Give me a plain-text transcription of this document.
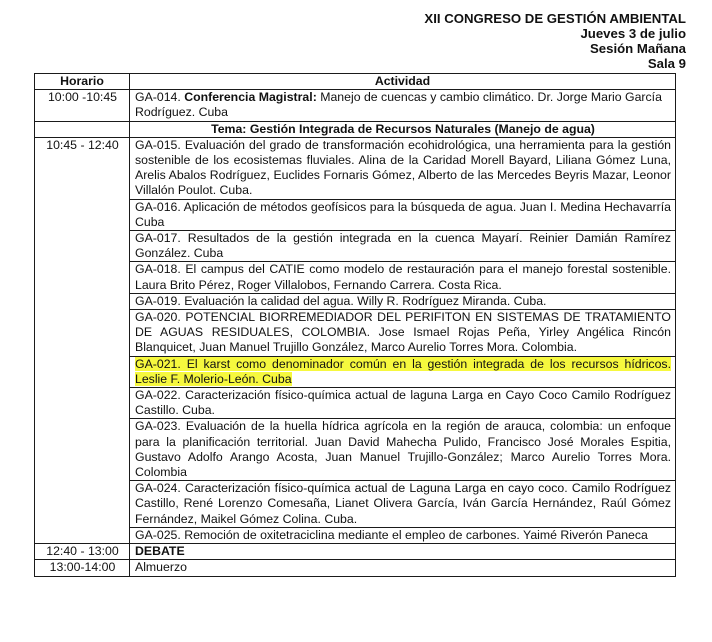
XII CONGRESO DE GESTIÓN AMBIENTAL
Jueves 3 de julio
Sesión Mañana
Sala 9
Horario	Actividad
10:00 -10:45	GA-014. Conferencia Magistral: Manejo de cuencas y cambio climático. Dr. Jorge Mario García Rodríguez. Cuba
	Tema: Gestión Integrada de Recursos Naturales (Manejo de agua)
10:45 - 12:40	GA-015. Evaluación del grado de transformación ecohidrológica, una herramienta para la gestión sostenible de los ecosistemas fluviales. Alina de la Caridad Morell Bayard, Liliana Gómez Luna, Arelis Abalos Rodríguez, Euclides Fornaris Gómez, Alberto de las Mercedes Beyris Mazar, Leonor Villalón Poulot. Cuba.
	GA-016. Aplicación de métodos geofísicos para la búsqueda de agua. Juan I. Medina Hechavarría Cuba
	GA-017. Resultados de la gestión integrada en la cuenca Mayarí. Reinier Damián Ramírez González. Cuba
	GA-018. El campus del CATIE como modelo de restauración para el manejo forestal sostenible. Laura Brito Pérez, Roger Villalobos, Fernando Carrera. Costa Rica.
	GA-019. Evaluación la calidad del agua. Willy R. Rodríguez Miranda. Cuba.
	GA-020. POTENCIAL BIORREMEDIADOR DEL PERIFITON EN SISTEMAS DE TRATAMIENTO DE AGUAS RESIDUALES, COLOMBIA. Jose Ismael Rojas Peña, Yirley Angélica Rincón Blanquicet, Juan Manuel Trujillo González, Marco Aurelio Torres Mora. Colombia.
	GA-021. El karst como denominador común en la gestión integrada de los recursos hídricos. Leslie F. Molerio-León. Cuba
	GA-022. Caracterización físico-química actual de laguna Larga en Cayo Coco Camilo Rodríguez Castillo. Cuba.
	GA-023. Evaluación de la huella hídrica agrícola en la región de arauca, colombia: un enfoque para la planificación territorial. Juan David Mahecha Pulido, Francisco José Morales Espitia, Gustavo Adolfo Arango Acosta, Juan Manuel Trujillo-González; Marco Aurelio Torres Mora. Colombia
	GA-024. Caracterización físico-química actual de Laguna Larga en cayo coco. Camilo Rodríguez Castillo, René Lorenzo Comesaña, Lianet Olivera García, Iván García Hernández, Raúl Gómez Fernández, Maikel Gómez Colina. Cuba.
	GA-025. Remoción de oxitetraciclina mediante el empleo de carbones. Yaimé Riverón Paneca
12:40 - 13:00	DEBATE
13:00-14:00	Almuerzo
